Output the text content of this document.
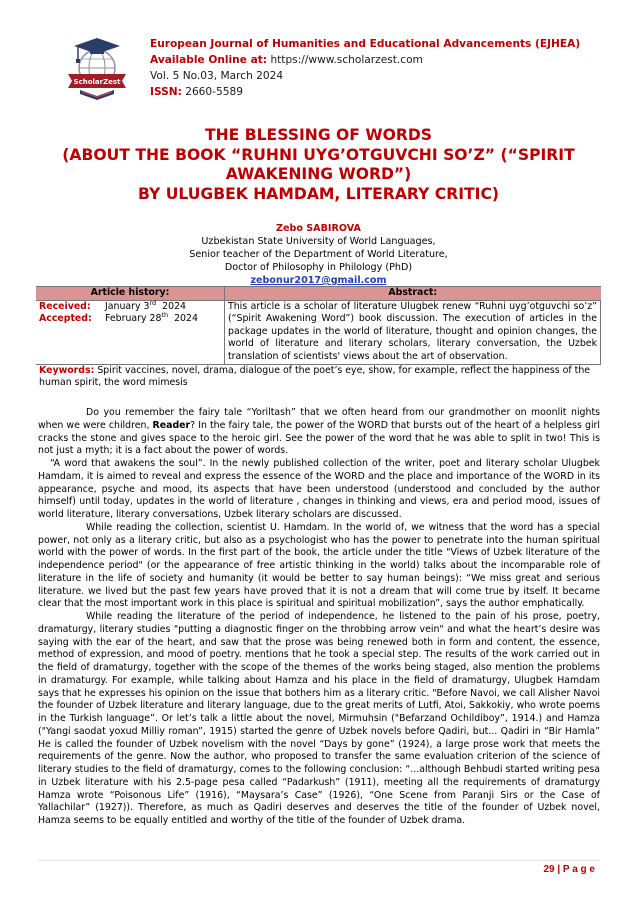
ScholarZest
European Journal of Humanities and Educational Advancements (EJHEA)
Available Online at: https://www.scholarzest.com
Vol. 5 No.03, March 2024
ISSN: 2660-5589
THE BLESSING OF WORDS
(ABOUT THE BOOK “RUHNI UYG’OTGUVCHI SO’Z” (“SPIRIT
AWAKENING WORD”)
BY ULUGBEK HAMDAM, LITERARY CRITIC)
Zebo SABIROVA
Uzbekistan State University of World Languages,
Senior teacher of the Department of World Literature,
Doctor of Philosophy in Philology (PhD)
zebonur2017@gmail.com
Article history:	Abstract:

Received:	January 3rd 2024
Accepted:	February 28th 2024
	This article is a scholar of literature Ulugbek renew “Ruhni uyg’otguvchi so’z” (“Spirit Awakening Word”) book discussion. The execution of articles in the package updates in the world of literature, thought and opinion changes, the world of literature and literary scholars, literary conversation, the Uzbek translation of scientists' views about the art of observation.
Keywords: Spirit vaccines, novel, drama, dialogue of the poet’s eye, show, for example, reflect the happiness of the human spirit, the word mimesis	

Do you remember the fairy tale “Yoriltash” that we often heard from our grandmother on moonlit nights when we were children, Reader? In the fairy tale, the power of the WORD that bursts out of the heart of a helpless girl cracks the stone and gives space to the heroic girl. See the power of the word that he was able to split in two! This is not just a myth; it is a fact about the power of words.

“A word that awakens the soul”. In the newly published collection of the writer, poet and literary scholar Ulugbek Hamdam, it is aimed to reveal and express the essence of the WORD and the place and importance of the WORD in its appearance, psyche and mood, its aspects that have been understood (understood and concluded by the author himself) until today, updates in the world of literature , changes in thinking and views, era and period mood, issues of world literature, literary conversations, Uzbek literary scholars are discussed.

While reading the collection, scientist U. Hamdam. In the world of, we witness that the word has a special power, not only as a literary critic, but also as a psychologist who has the power to penetrate into the human spiritual world with the power of words. In the first part of the book, the article under the title "Views of Uzbek literature of the independence period" (or the appearance of free artistic thinking in the world) talks about the incomparable role of literature in the life of society and humanity (it would be better to say human beings): “We miss great and serious literature. we lived but the past few years have proved that it is not a dream that will come true by itself. It became clear that the most important work in this place is spiritual and spiritual mobilization”, says the author emphatically.

While reading the literature of the period of independence, he listened to the pain of his prose, poetry, dramaturgy, literary studies "putting a diagnostic finger on the throbbing arrow vein" and what the heart’s desire was saying with the ear of the heart, and saw that the prose was being renewed both in form and content, the essence, method of expression, and mood of poetry. mentions that he took a special step. The results of the work carried out in the field of dramaturgy, together with the scope of the themes of the works being staged, also mention the problems in dramaturgy. For example, while talking about Hamza and his place in the field of dramaturgy, Ulugbek Hamdam says that he expresses his opinion on the issue that bothers him as a literary critic. "Before Navoi, we call Alisher Navoi the founder of Uzbek literature and literary language, due to the great merits of Lutfi, Atoi, Sakkokiy, who wrote poems in the Turkish language”. Or let’s talk a little about the novel, Mirmuhsin ("Befarzand Ochildiboy”, 1914.) and Hamza ("Yangi saodat yoxud Milliy roman”, 1915) started the genre of Uzbek novels before Qadiri, but... Qadiri in “Bir Hamla” He is called the founder of Uzbek novelism with the novel “Days by gone” (1924), a large prose work that meets the requirements of the genre. Now the author, who proposed to transfer the same evaluation criterion of the science of literary studies to the field of dramaturgy, comes to the following conclusion: “...although Behbudi started writing pesa in Uzbek literature with his 2.5-page pesa called “Padarkush” (1911), meeting all the requirements of dramaturgy Hamza wrote “Poisonous Life” (1916), “Maysara’s Case” (1926), “One Scene from Paranji Sirs or the Case of Yallachilar” (1927)). Therefore, as much as Qadiri deserves and deserves the title of the founder of Uzbek novel, Hamza seems to be equally entitled and worthy of the title of the founder of Uzbek drama.

29 | P a g e
